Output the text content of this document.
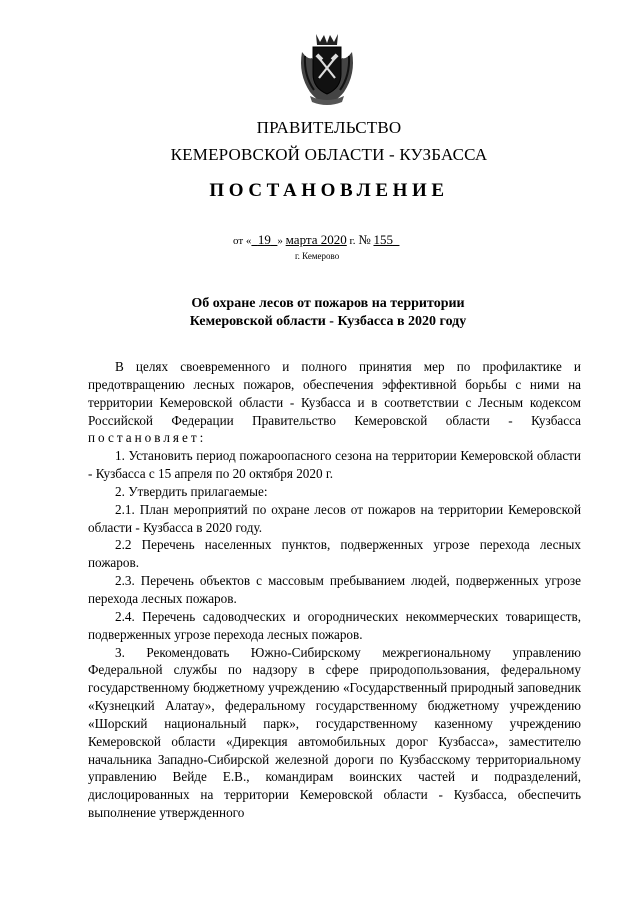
ПРАВИТЕЛЬСТВО
КЕМЕРОВСКОЙ ОБЛАСТИ - КУЗБАССА
ПОСТАНОВЛЕНИЕ
от « 19 » марта 2020 г. № 155
г. Кемерово
Об охране лесов от пожаров на территории
Кемеровской области - Кузбасса в 2020 году

В целях своевременного и полного принятия мер по профилактике и предотвращению лесных пожаров, обеспечения эффективной борьбы с ними на территории Кемеровской области - Кузбасса и в соответствии с Лесным кодексом Российской Федерации Правительство Кемеровской области - Кузбасса постановляет:

1. Установить период пожароопасного сезона на территории Кемеровской области - Кузбасса с 15 апреля по 20 октября 2020 г.

2. Утвердить прилагаемые:

2.1. План мероприятий по охране лесов от пожаров на территории Кемеровской области - Кузбасса в 2020 году.

2.2 Перечень населенных пунктов, подверженных угрозе перехода лесных пожаров.

2.3. Перечень объектов с массовым пребыванием людей, подверженных угрозе перехода лесных пожаров.

2.4. Перечень садоводческих и огороднических некоммерческих товариществ, подверженных угрозе перехода лесных пожаров.

3. Рекомендовать Южно-Сибирскому межрегиональному управлению Федеральной службы по надзору в сфере природопользования, федеральному государственному бюджетному учреждению «Государственный природный заповедник «Кузнецкий Алатау», федеральному государственному бюджетному учреждению «Шорский национальный парк», государственному казенному учреждению Кемеровской области «Дирекция автомобильных дорог Кузбасса», заместителю начальника Западно-Сибирской железной дороги по Кузбасскому территориальному управлению Вейде Е.В., командирам воинских частей и подразделений, дислоцированных на территории Кемеровской области - Кузбасса, обеспечить выполнение утвержденного
